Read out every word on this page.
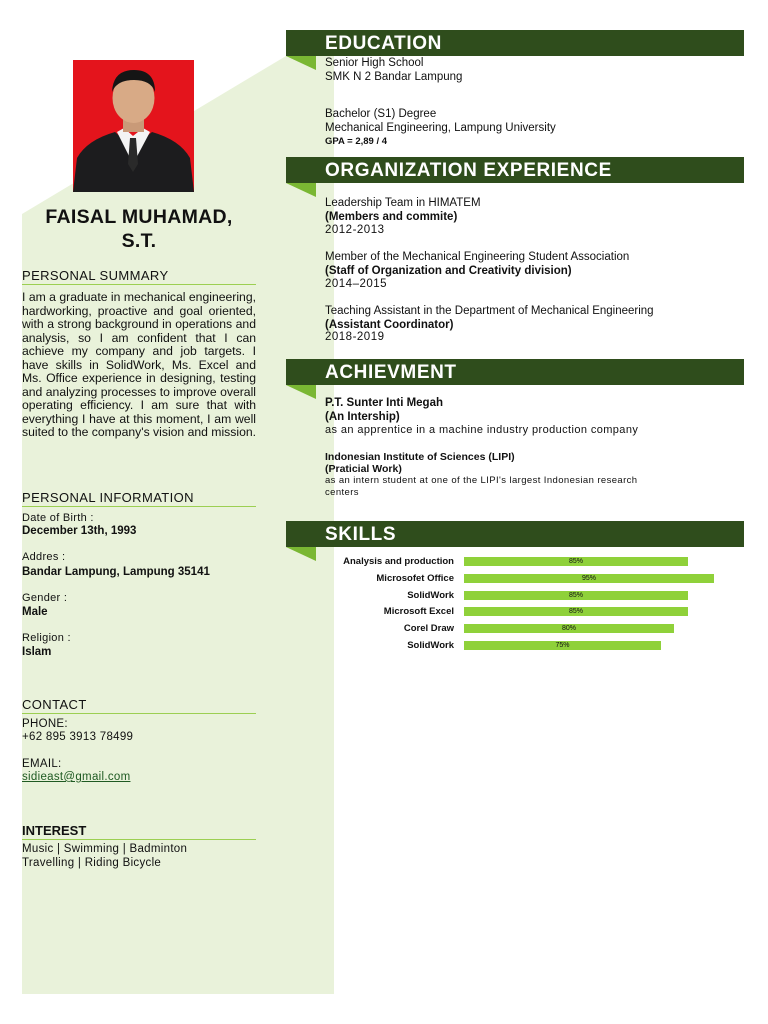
FAISAL MUHAMAD,
S.T.
PERSONAL SUMMARY
I am a graduate in mechanical engineering, hardworking, proactive and goal oriented, with a strong background in operations and analysis, so I am confident that I can achieve my company and job targets. I have skills in SolidWork, Ms. Excel and Ms. Office experience in designing, testing and analyzing processes to improve overall operating efficiency. I am sure that with everything I have at this moment, I am well suited to the company's vision and mission.
PERSONAL INFORMATION
Date of Birth :
December 13th, 1993
Addres :
Bandar Lampung, Lampung 35141
Gender :
Male
Religion :
Islam
CONTACT
PHONE:
+62 895 3913 78499
EMAIL:
sidieast@gmail.com
INTEREST
Music | Swimming | Badminton
Travelling | Riding Bicycle
EDUCATION
Senior High School
SMK N 2 Bandar Lampung
Bachelor (S1) Degree
Mechanical Engineering, Lampung University
GPA = 2,89 / 4
ORGANIZATION EXPERIENCE
Leadership Team in HIMATEM
(Members and commite)
2012-2013
Member of the Mechanical Engineering Student Association
(Staff of Organization and Creativity division)
2014–2015
Teaching Assistant in the Department of Mechanical Engineering
(Assistant Coordinator)
2018-2019
ACHIEVMENT
P.T. Sunter Inti Megah
(An Intership)
as an apprentice in a machine industry production company
Indonesian Institute of Sciences (LIPI)
(Praticial Work)
as an intern student at one of the LIPI's largest Indonesian research
centers
SKILLS
Analysis and production	85%
Microsofet Office	95%
SolidWork	85%
Microsoft Excel	85%
Corel Draw	80%
SolidWork	75%
